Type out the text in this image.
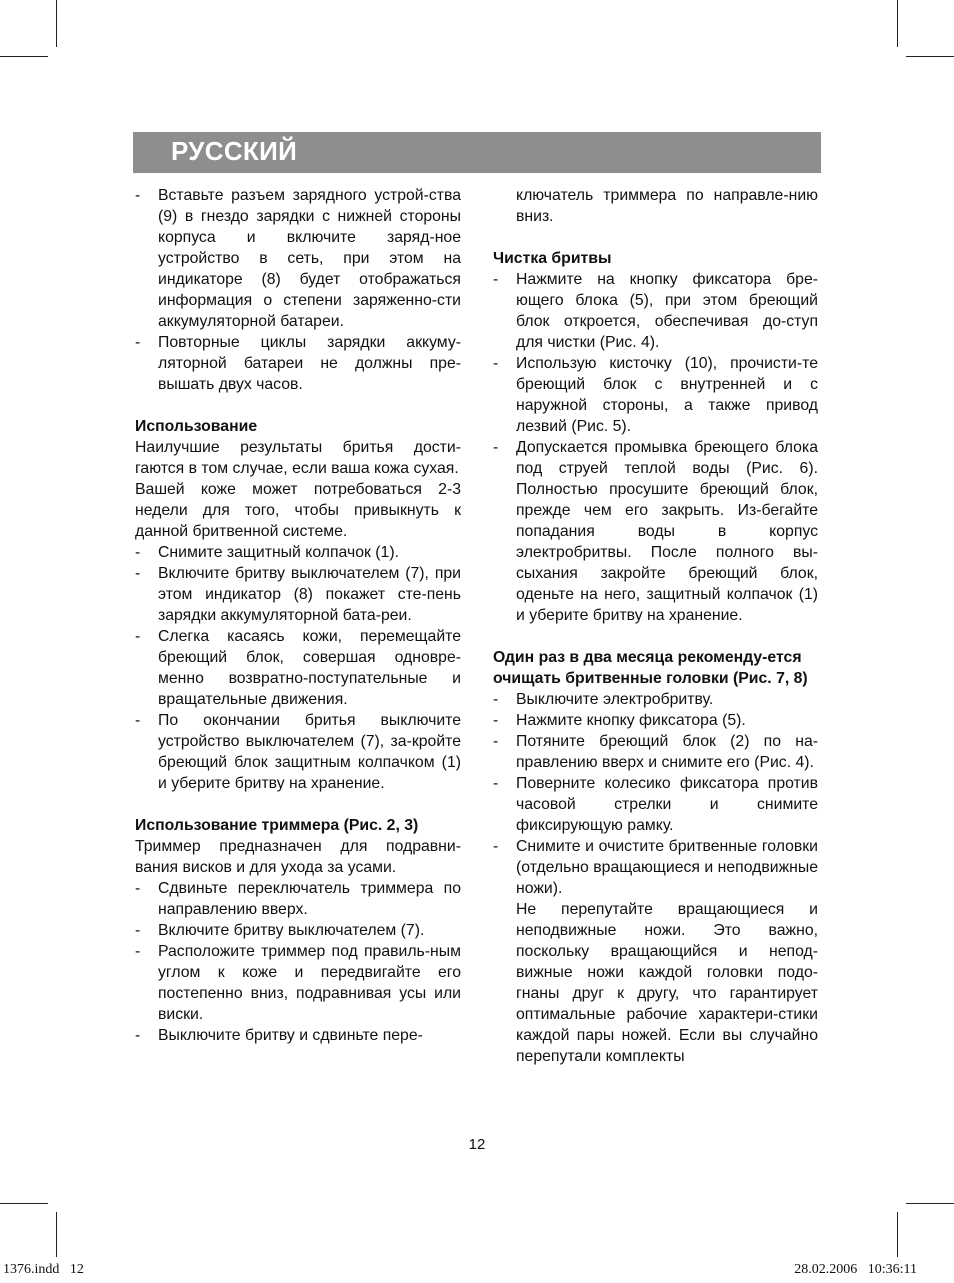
РУССКИЙ
- Вставьте разъем зарядного устрой-ства (9) в гнездо зарядки с нижней стороны корпуса и включите заряд-ное устройство в сеть, при этом на индикаторе (8) будет отображаться информация о степени заряженно-сти аккумуляторной батареи.
- Повторные циклы зарядки аккуму-ляторной батареи не должны пре-вышать двух часов.
Использование
Наилучшие результаты бритья дости-гаются в том случае, если ваша кожа сухая.
Вашей коже может потребоваться 2-3 недели для того, чтобы привыкнуть к данной бритвенной системе.
- Снимите защитный колпачок (1).
- Включите бритву выключателем (7), при этом индикатор (8) покажет сте-пень зарядки аккумуляторной бата-реи.
- Слегка касаясь кожи, перемещайте бреющий блок, совершая одновре-менно возвратно-поступательные и вращательные движения.
- По окончании бритья выключите устройство выключателем (7), за-кройте бреющий блок защитным колпачком (1) и уберите бритву на хранение.
Использование триммера (Рис. 2, 3)
Триммер предназначен для подравни-вания висков и для ухода за усами.
- Сдвиньте переключатель триммера по направлению вверх.
- Включите бритву выключателем (7).
- Расположите триммер под правиль-ным углом к коже и передвигайте его постепенно вниз, подравнивая усы или виски.
- Выключите бритву и сдвиньте пере-
ключатель триммера по направле-нию вниз.
Чистка бритвы
- Нажмите на кнопку фиксатора бре-ющего блока (5), при этом бреющий блок откроется, обеспечивая до-ступ для чистки (Рис. 4).
- Использую кисточку (10), прочисти-те бреющий блок с внутренней и с наружной стороны, а также привод лезвий (Рис. 5).
- Допускается промывка бреющего блока под струей теплой воды (Рис. 6). Полностью просушите бреющий блок, прежде чем его закрыть. Из-бегайте попадания воды в корпус электробритвы. После полного вы-сыхания закройте бреющий блок, оденьте на него, защитный колпачок (1) и уберите бритву на хранение.
Один раз в два месяца рекоменду-ется очищать бритвенные головки (Рис. 7, 8)
- Выключите электробритву.
- Нажмите кнопку фиксатора (5).
- Потяните бреющий блок (2) по на-правлению вверх и снимите его (Рис. 4).
- Поверните колесико фиксатора против часовой стрелки и снимите фиксирующую рамку.
- Снимите и очистите бритвенные головки (отдельно вращающиеся и неподвижные ножи).
Не перепутайте вращающиеся и неподвижные ножи. Это важно, поскольку вращающийся и непод-вижные ножи каждой головки подо-гнаны друг к другу, что гарантирует оптимальные рабочие характери-стики каждой пары ножей. Если вы случайно перепутали комплекты
12
1376.indd   12	28.02.2006   10:36:11
